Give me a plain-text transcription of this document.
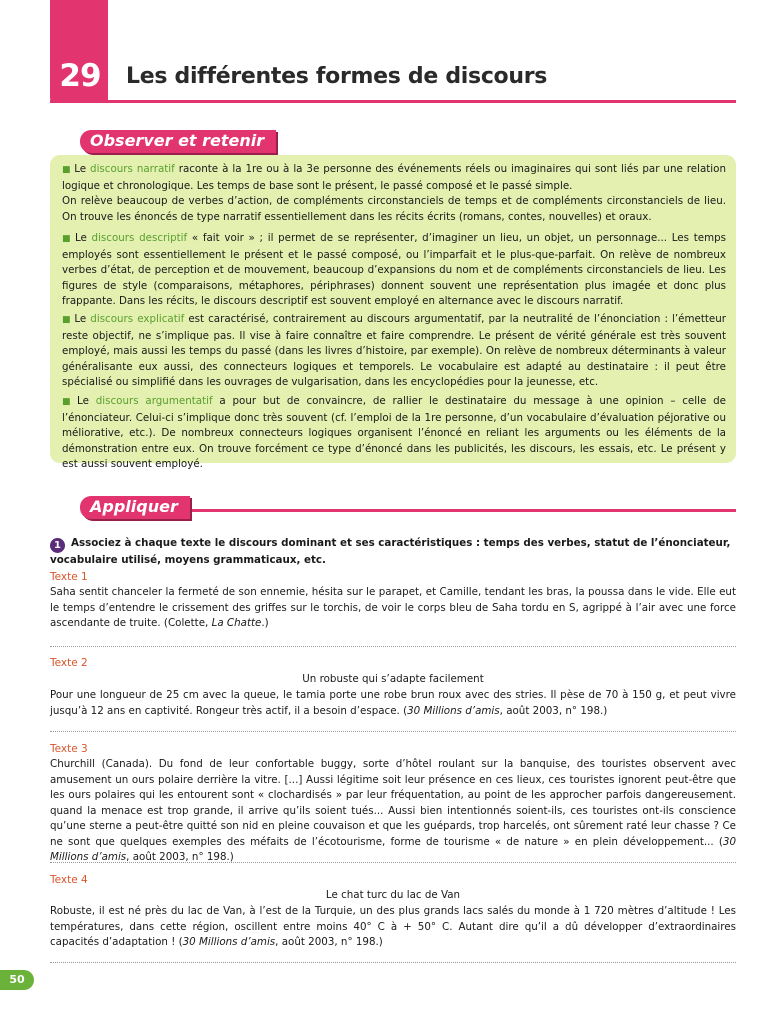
29	Les différentes formes de discours
Observer et retenir

■ Le discours narratif raconte à la 1re ou à la 3e personne des événements réels ou imaginaires qui sont liés par une relation logique et chronologique. Les temps de base sont le présent, le passé composé et le passé simple.
On relève beaucoup de verbes d’action, de compléments circonstanciels de temps et de compléments circonstanciels de lieu. On trouve les énoncés de type narratif essentiellement dans les récits écrits (romans, contes, nouvelles) et oraux.

■ Le discours descriptif « fait voir » ; il permet de se représenter, d’imaginer un lieu, un objet, un personnage... Les temps employés sont essentiellement le présent et le passé composé, ou l’imparfait et le plus-que-parfait. On relève de nombreux verbes d’état, de perception et de mouvement, beaucoup d’expansions du nom et de compléments circonstanciels de lieu. Les figures de style (comparaisons, métaphores, périphrases) donnent souvent une représentation plus imagée et donc plus frappante. Dans les récits, le discours descriptif est souvent employé en alternance avec le discours narratif.

■ Le discours explicatif est caractérisé, contrairement au discours argumentatif, par la neutralité de l’énonciation : l’émetteur reste objectif, ne s’implique pas. Il vise à faire connaître et faire comprendre. Le présent de vérité générale est très souvent employé, mais aussi les temps du passé (dans les livres d’histoire, par exemple). On relève de nombreux déterminants à valeur généralisante eux aussi, des connecteurs logiques et temporels. Le vocabulaire est adapté au destinataire : il peut être spécialisé ou simplifié dans les ouvrages de vulgarisation, dans les encyclopédies pour la jeunesse, etc.

■ Le discours argumentatif a pour but de convaincre, de rallier le destinataire du message à une opinion – celle de l’énonciateur. Celui-ci s’implique donc très souvent (cf. l’emploi de la 1re personne, d’un vocabulaire d’évaluation péjorative ou méliorative, etc.). De nombreux connecteurs logiques organisent l’énoncé en reliant les arguments ou les éléments de la démonstration entre eux. On trouve forcément ce type d’énoncé dans les publicités, les discours, les essais, etc. Le présent y est aussi souvent employé.

Appliquer
1 Associez à chaque texte le discours dominant et ses caractéristiques : temps des verbes, statut de l’énonciateur, vocabulaire utilisé, moyens grammaticaux, etc.
Texte 1

Saha sentit chanceler la fermeté de son ennemie, hésita sur le parapet, et Camille, tendant les bras, la poussa dans le vide. Elle eut le temps d’entendre le crissement des griffes sur le torchis, de voir le corps bleu de Saha tordu en S, agrippé à l’air avec une force ascendante de truite. (Colette, La Chatte.)

Texte 2
Un robuste qui s’adapte facilement

Pour une longueur de 25 cm avec la queue, le tamia porte une robe brun roux avec des stries. Il pèse de 70 à 150 g, et peut vivre jusqu’à 12 ans en captivité. Rongeur très actif, il a besoin d’espace. (30 Millions d’amis, août 2003, n° 198.)

Texte 3

Churchill (Canada). Du fond de leur confortable buggy, sorte d’hôtel roulant sur la banquise, des touristes observent avec amusement un ours polaire derrière la vitre. [...] Aussi légitime soit leur présence en ces lieux, ces touristes ignorent peut-être que les ours polaires qui les entourent sont « clochardisés » par leur fréquentation, au point de les approcher parfois dangereusement. quand la menace est trop grande, il arrive qu’ils soient tués... Aussi bien intentionnés soient-ils, ces touristes ont-ils conscience qu’une sterne a peut-être quitté son nid en pleine couvaison et que les guépards, trop harcelés, ont sûrement raté leur chasse ? Ce ne sont que quelques exemples des méfaits de l’écotourisme, forme de tourisme « de nature » en plein développement... (30 Millions d’amis, août 2003, n° 198.)

Texte 4
Le chat turc du lac de Van

Robuste, il est né près du lac de Van, à l’est de la Turquie, un des plus grands lacs salés du monde à 1 720 mètres d’altitude ! Les températures, dans cette région, oscillent entre moins 40° C à + 50° C. Autant dire qu’il a dû développer d’extraordinaires capacités d’adaptation ! (30 Millions d’amis, août 2003, n° 198.)

50
